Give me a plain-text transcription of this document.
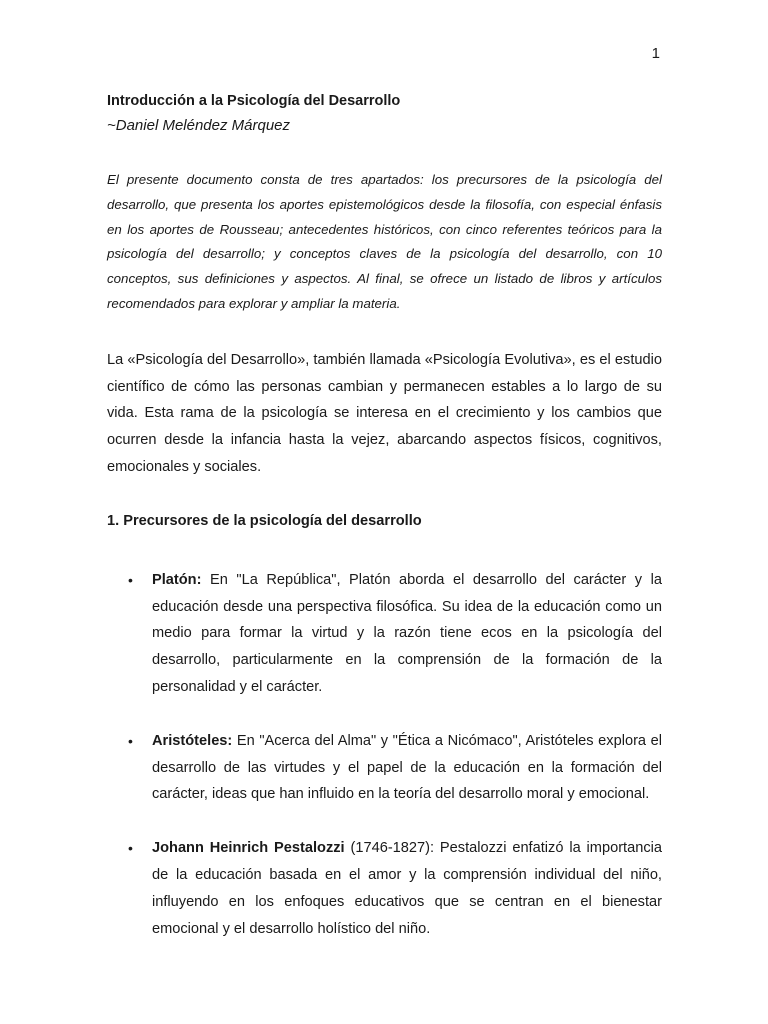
1

Introducción a la Psicología del Desarrollo

~Daniel Meléndez Márquez

El presente documento consta de tres apartados: los precursores de la psicología del desarrollo, que presenta los aportes epistemológicos desde la filosofía, con especial énfasis en los aportes de Rousseau; antecedentes históricos, con cinco referentes teóricos para la psicología del desarrollo; y conceptos claves de la psicología del desarrollo, con 10 conceptos, sus definiciones y aspectos. Al final, se ofrece un listado de libros y artículos recomendados para explorar y ampliar la materia.

La «Psicología del Desarrollo», también llamada «Psicología Evolutiva», es el estudio científico de cómo las personas cambian y permanecen estables a lo largo de su vida. Esta rama de la psicología se interesa en el crecimiento y los cambios que ocurren desde la infancia hasta la vejez, abarcando aspectos físicos, cognitivos, emocionales y sociales.

1. Precursores de la psicología del desarrollo

• Platón: En "La República", Platón aborda el desarrollo del carácter y la educación desde una perspectiva filosófica. Su idea de la educación como un medio para formar la virtud y la razón tiene ecos en la psicología del desarrollo, particularmente en la comprensión de la formación de la personalidad y el carácter.
• Aristóteles: En "Acerca del Alma" y "Ética a Nicómaco", Aristóteles explora el desarrollo de las virtudes y el papel de la educación en la formación del carácter, ideas que han influido en la teoría del desarrollo moral y emocional.
• Johann Heinrich Pestalozzi (1746-1827): Pestalozzi enfatizó la importancia de la educación basada en el amor y la comprensión individual del niño, influyendo en los enfoques educativos que se centran en el bienestar emocional y el desarrollo holístico del niño.
